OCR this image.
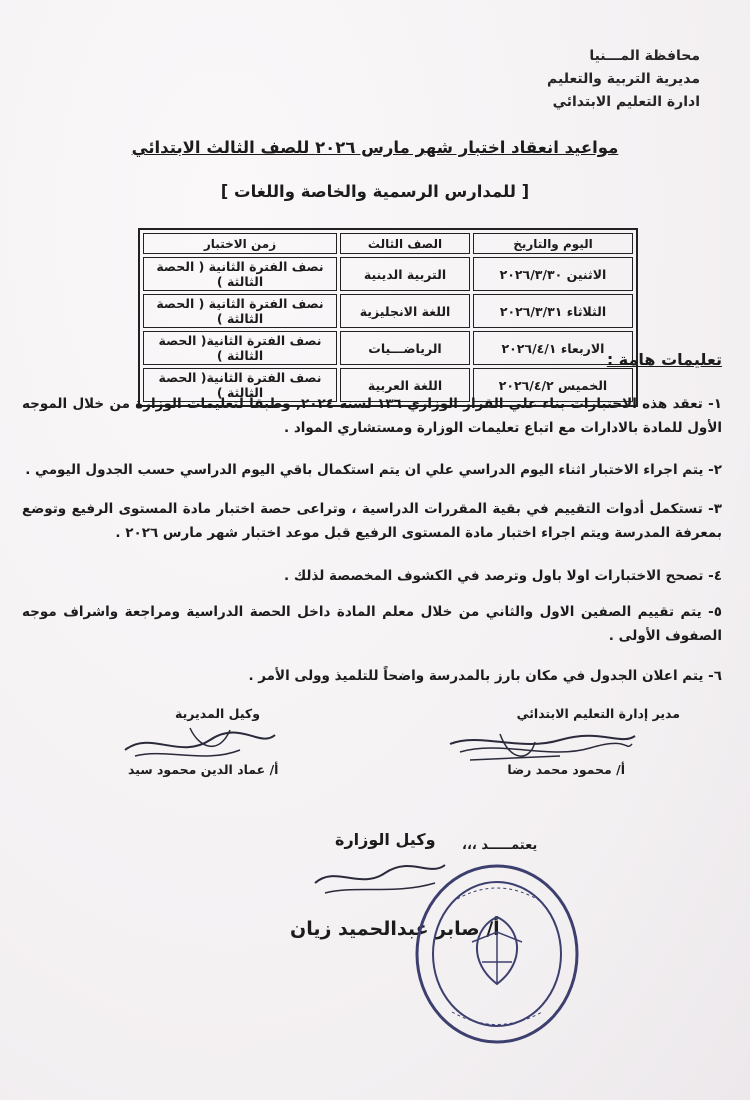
محافظة المـــنيا
مديرية التربية والتعليم
ادارة التعليم الابتدائي
مواعيد انعقاد اختبار شهر مارس ٢٠٢٦ للصف الثالث الابتدائي
[ للمدارس الرسمية والخاصة واللغات ]
اليوم والتاريخ	الصف الثالث	زمن الاختبار
الاثنين ٢٠٢٦/٣/٣٠	التربية الدينية	نصف الفترة الثانية ( الحصة الثالثة )
الثلاثاء ٢٠٢٦/٣/٣١	اللغة الانجليزية	نصف الفترة الثانية ( الحصة الثالثة )
الاربعاء ٢٠٢٦/٤/١	الرياضـــيات	نصف الفترة الثانية( الحصة الثالثة )
الخميس ٢٠٢٦/٤/٢	اللغة العربية	نصف الفترة الثانية( الحصة الثالثة )
تعليمات هامة :
١- تعقد هذه الاختبارات بناء علي القرار الوزاري ١٣٦ لسنة ٢٠٢٤, وطبقاً لتعليمات الوزارة من خلال الموجه الأول للمادة بالادارات مع اتباع تعليمات الوزارة ومستشاري المواد .
٢- يتم اجراء الاختبار اثناء اليوم الدراسي علي ان يتم استكمال باقي اليوم الدراسي حسب الجدول اليومي .
٣- تستكمل أدوات التقييم في بقية المقررات الدراسية ، وتراعى حصة اختبار مادة المستوى الرفيع وتوضع بمعرفة المدرسة ويتم اجراء اختبار مادة المستوى الرفيع قبل موعد اختبار شهر مارس ٢٠٢٦ .
٤- تصحح الاختبارات اولا باول وترصد في الكشوف المخصصة لذلك .
٥- يتم تقييم الصفين الاول والثاني من خلال معلم المادة داخل الحصة الدراسية ومراجعة واشراف موجه الصفوف الأولى .
٦- يتم اعلان الجدول في مكان بارز بالمدرسة واضحاً للتلميذ وولى الأمر .
مدير إدارة التعليم الابتدائي
وكيل المديرية
أ/ محمود محمد رضا
أ/ عماد الدين محمود سيد
يعتمـــــد ،،،
وكيل الوزارة
أ/ صابر عبدالحميد زيان
